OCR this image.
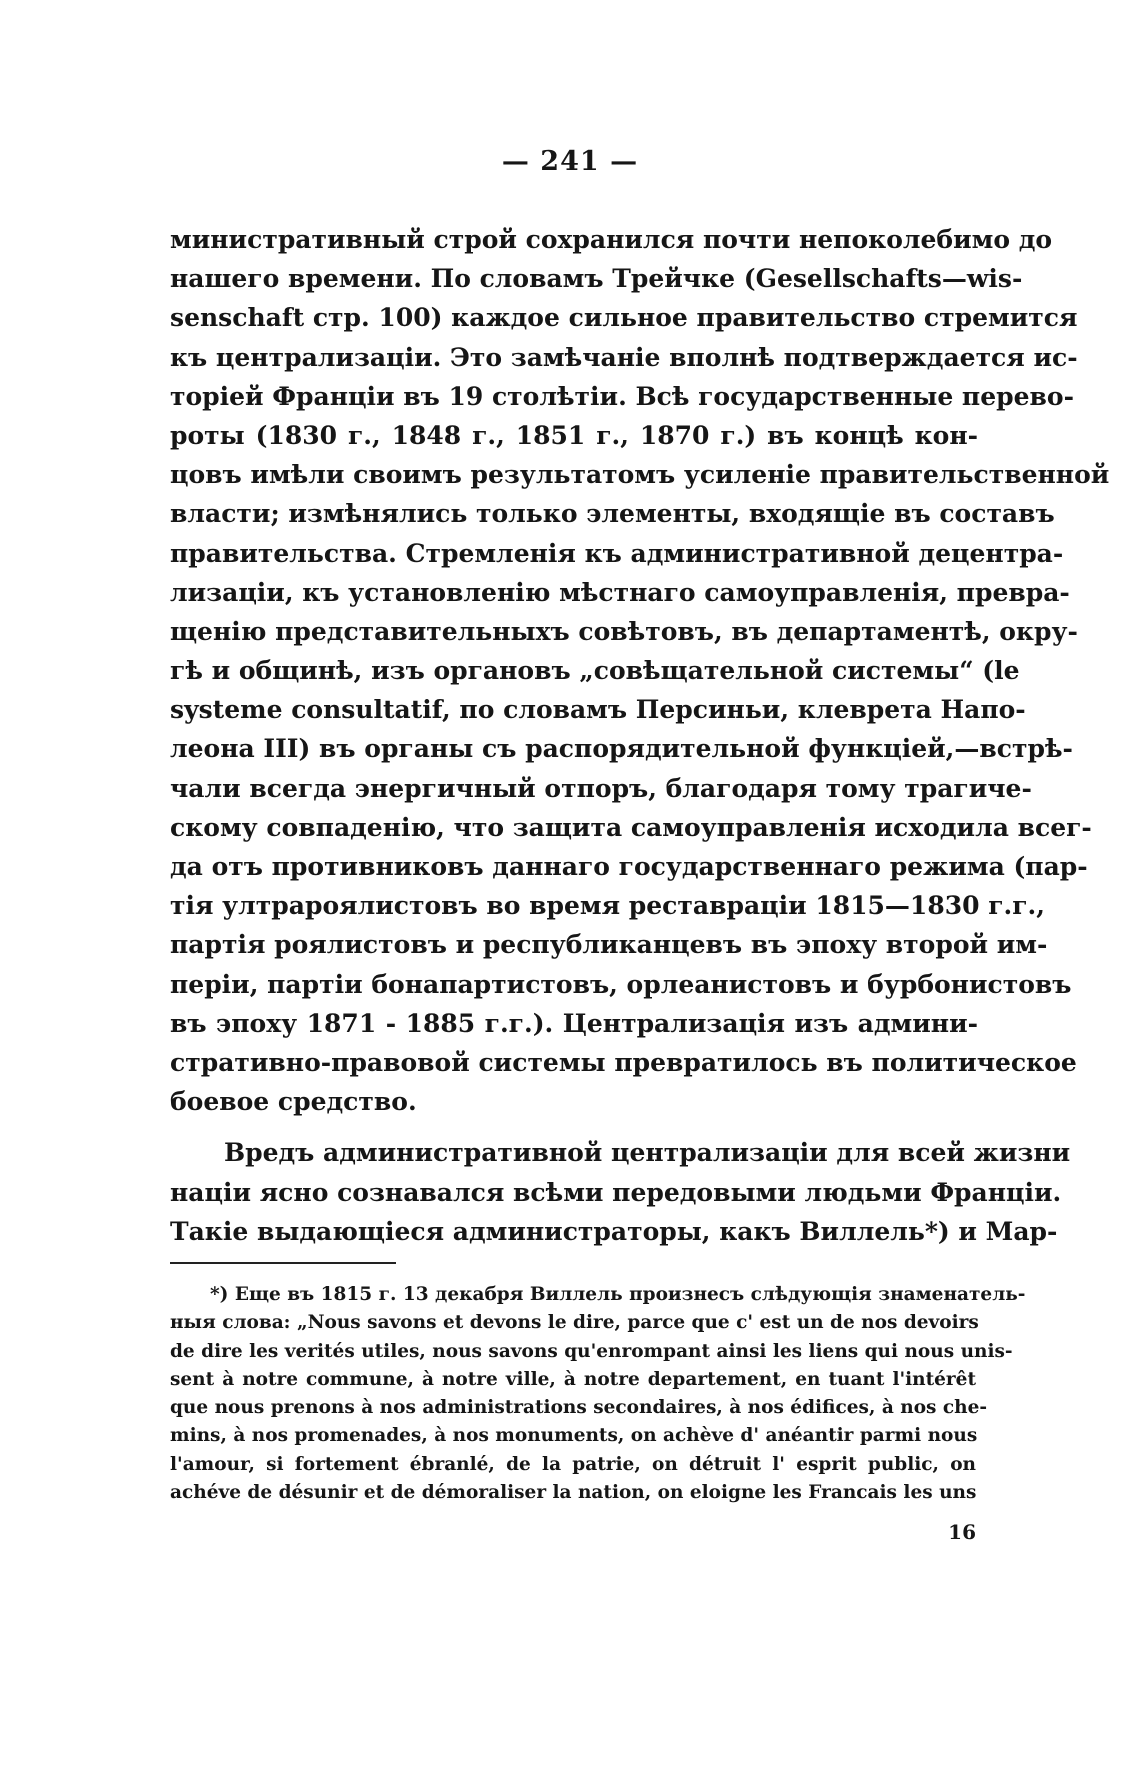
— 241 —
министративный строй сохранился почти непоколебимо до
нашего времени. По словамъ Трейчке (Gesellschafts—wis-
senschaft стр. 100) каждое сильное правительство стремится
къ централизаціи. Это замѣчаніе вполнѣ подтверждается ис-
торіей Франціи въ 19 столѣтіи. Всѣ государственные перево-
роты (1830 г., 1848 г., 1851 г., 1870 г.) въ концѣ кон-
цовъ имѣли своимъ результатомъ усиленіе правительственной
власти; измѣнялись только элементы, входящіе въ составъ
правительства. Стремленія къ административной децентра-
лизаціи, къ установленію мѣстнаго самоуправленія, превра-
щенію представительныхъ совѣтовъ, въ департаментѣ, окру-
гѣ и общинѣ, изъ органовъ „совѣщательной системы“ (le
systeme consultatif, по словамъ Персиньи, клеврета Напо-
леона III) въ органы съ распорядительной функціей,—встрѣ-
чали всегда энергичный отпоръ, благодаря тому трагиче-
скому совпаденію, что защита самоуправленія исходила всег-
да отъ противниковъ даннаго государственнаго режима (пар-
тія ултрароялистовъ во время реставраціи 1815—1830 г.г.,
партія роялистовъ и республиканцевъ въ эпоху второй им-
періи, партіи бонапартистовъ, орлеанистовъ и бурбонистовъ
въ эпоху 1871 - 1885 г.г.). Централизація изъ админи-
стративно-правовой системы превратилось въ политическое
боевое средство.
Вредъ административной централизаціи для всей жизни
націи ясно сознавался всѣми передовыми людьми Франціи.
Такіе выдающіеся администраторы, какъ Виллель*) и Мар-
*) Еще въ 1815 г. 13 декабря Виллель произнесъ слѣдующія знаменатель-
ныя слова: „Nous savons et devons le dire, parce que c' est un de nos devoirs
de dire les verités utiles, nous savons qu'enrompant ainsi les liens qui nous unis-
sent à notre commune, à notre ville, à notre departement, en tuant l'intérêt
que nous prenons à nos administrations secondaires, à nos édifices, à nos che-
mins, à nos promenades, à nos monuments, on achève d' anéantir parmi nous
l'amour, si fortement ébranlé, de la patrie, on détruit l' esprit public, on
achéve de désunir et de démoraliser la nation, on eloigne les Francais les uns
16
